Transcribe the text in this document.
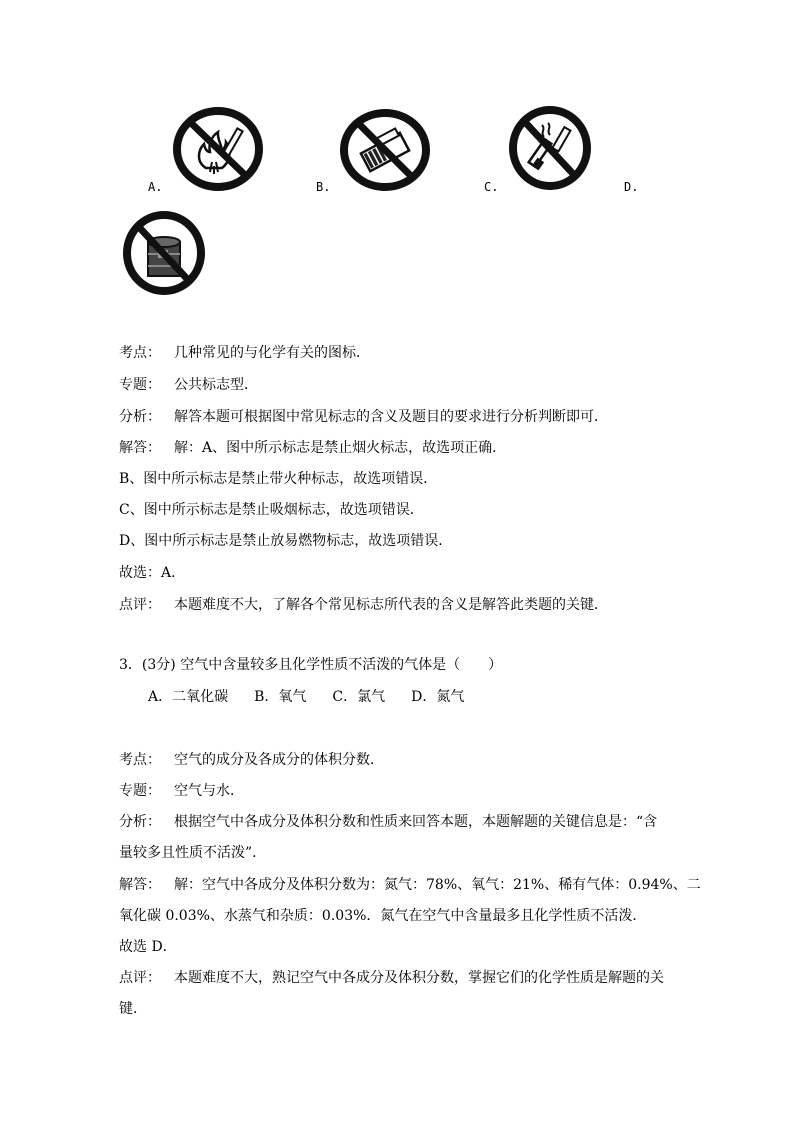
A.	B.	C.	D.
考点： 几种常见的与化学有关的图标．
专题： 公共标志型．
分析： 解答本题可根据图中常见标志的含义及题目的要求进行分析判断即可．
解答： 解：A、图中所示标志是禁止烟火标志，故选项正确．
B、图中所示标志是禁止带火种标志，故选项错误．
C、图中所示标志是禁止吸烟标志，故选项错误．
D、图中所示标志是禁止放易燃物标志，故选项错误．
故选：A．
点评： 本题难度不大，了解各个常见标志所代表的含义是解答此类题的关键．
3．(3分) 空气中含量较多且化学性质不活泼的气体是（　　）
A．二氧化碳 B．氧气 C．氯气 D．氮气
考点： 空气的成分及各成分的体积分数．
专题： 空气与水．
分析： 根据空气中各成分及体积分数和性质来回答本题，本题解题的关键信息是：“含
量较多且性质不活泼”．
解答： 解：空气中各成分及体积分数为：氮气：78%、氧气：21%、稀有气体：0.94%、二
氧化碳 0.03%、水蒸气和杂质：0.03%．氮气在空气中含量最多且化学性质不活泼．
故选 D．
点评： 本题难度不大，熟记空气中各成分及体积分数，掌握它们的化学性质是解题的关
键．
